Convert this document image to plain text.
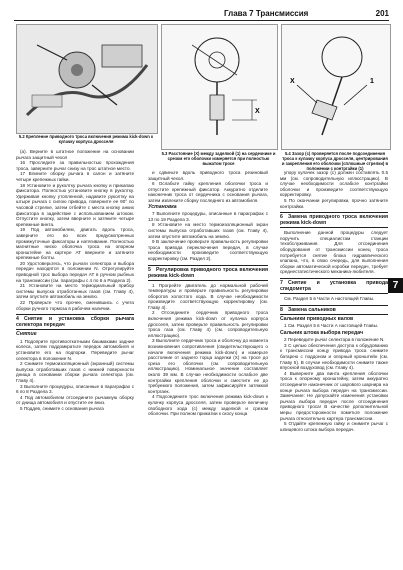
Глава 7 Трансмиссия	201
5.2 Крепление приводного троса включения режима kick-down к кулачку корпуса дросселя
X
5.3 Расстояние (X) между заделкой (1) на сердечнике и срезом его оболочки измеряется при полностью выжатом тросе
X	1
5.4 Зазор (c) проверяется после подсоединения троса к кулачку корпуса дросселя, центрирования и закрепления его оболочки (сплошные стрелки) в положении с контргайки (1)

(а). Верните в штатное положение на основании рычага защитный чехол

16 Проследите за правильностью прохождения троса, заверните рычаг снизу на трос штатное место.

17 Влините оборку рычага в салон и затяните четыре крепежных гайки.

18 Установите и руколтку рычага кнопку и прикапаю фиксатора. Полностью установите кнопку в руколтку. Удерживая кнопку утопленной, надавите руколтку на штыре рычага с силою привода, поверните ее 90° по часовой стрелке, затем отбейте с места кнопку анких фиксатора в задействие с использованием штоком. Отпустите кнопку, затем вверните и затяните четыре крепежные винта.

19 Под автомобилем, двигать вдоль троса, заверните его во всех предусмотренных промежуточные фиксаторы и натягивание. Полностью магнитные ниско оболочка троса на опорном кронштейне на картере АТ вверните и затяните крепежные болты.

20 Удостоверьтесь, что рычаги селектора и выбора передач находятся в положении N. Отрегулируйте приводной трос выбора передач АТ в ручном рыбных на трансмиссии (см. параграфы с 4 по 6 а Раздела 2).

21 Установите на место термодиальный прибор системы выпуска отработанных газов (см. Главу 4), затем опустите автомобиль на землю.

22 Проверьте что прочее, сменившись с учета сборки ручного тормоза в рабочем наличии.

4 Снятие и установка сборки рычага селектора передач
Снятие

1 Подоприте противооткатными башмаками задние колеса, затем поддомкратьте передок автомобиля и установите его на подпорки. Переведите рычаг селектора в положение N.

2 Снимите термоизоляционный (экранный) системы выпуска отработавших газов с нижней поверхности днища в основании сборки рычага селектора (см. Главу 4).

3 Выполните процедуры, описанные в параграфах с 6 по 8 Раздела 3.

4 Под автомобилем отсоедините рычажную оборку от днища автомобиля и опустите ее вниз.

5 Поддев, снимите с основания рычага

и сдвиньте вдоль приводного троса резиновый защитный чехол.

6 Ослабьте гайку крепления оболочки троса и отпустите крепежный фиксатор. Аккуратно отделите наконечник троса от сердечника с основания рычага, затем извлеките сборку последнего из автомобиля.

Установка

7 Выполните процедуры, описанные в параграфах с 13 по 19 Раздела 3.

8 Установите на место термоизоляционный экран системы выпуска отработавших газов (см. Главу 4), затем опустите автомобиль на землю.

9 В заключение проверьте правильность регулировки троса привода переключения передач, в случае необходимости произведите соответствующую корректировку (см. Раздел 2).

5 Регулировка приводного троса включения режима kick-down

1 Прогрейте двигатель до нормальной рабочей температуры и проверьте правильность регулировки оборотов холостого хода. В случае необходимости произведите соответствующую корректировку (см. Главу 4).

2 Отсоедините сердечник приводного троса включения режима kick-down от кулачка корпуса дросселя, затем проверьте правильность регулировки троса газа (см. Главу 4) (см. сопроводительную иллюстрацию).

3 Выполните сердечник троса и оболочку до момента возникновения сопротивления (свидетельствующего о начале включения режима kick-down) и измерьте расстояние от заднего торца заделки (X) на тросе до среза его оболочки (см. сопроводительную иллюстрацию). Номинальное значение составляет около 39 мм. В случае необходимости ослабьте две контргайки крепления оболочки и сместите ее до требуемого положения, затем зафиксируйте затяжкой контргаек.

4 Подсоедините трос включения режима kick-down к кулачку корпуса дросселя, затем проверьте величину свободного хода (c) между заделкой и срезом оболочки. При полном прижатии к скосу конца

упору кулачек зазор (c) должен составлять 0.5 мм (см. сопроводительную иллюстрацию). В случае необходимости ослабьте контргайки оболочки и произведите соответствующую корректировку.

5 По окончании регулировки, прочно затяните контргайки.

6 Замена приводного троса включения режима kick-down

Выполнение данной процедуры следует поручить специалистам станции техобслуживания. Для отсоединения оборудования от трансмиссии конец троса потребуется снятие блока гидравлического клапана, что, в свою очередь, для выполнения сборки автоматической коробки передач, требует среднестатистического механика-любителя.

7 Снятие и установка привода спидометра

См. Раздел 5 в Части А настоящей Главы.

8 Замена сальников
Сальники приводных валов

1 См. Раздел 5 в Части А настоящей Главы.

Сальник штока выбора передач

2 Переведите рычаг селектора в положение N.

3 С целью обеспечения доступа к обрудованию к трансмиссии концу привода троса снимите батарею с поддоном и опорный кронштейн (см. Главу 5). В случае необходимости снимите также впускной воздуховод (см. Главу 4).

4 Выверните два винта крепления оболочки троса к опорному кронштейну, затем аккуратно отсоедините наконечник от шарового шарнира на конце рычага выбора передач на трансмиссии. Замечание: Не допускайте изменения установки рычага выбора передач после отсоединения приводного троса! В качестве дополнительной меры предосторожности пометьте положение рычага относительно картера трансмиссии.

5 Отдайте крепежную гайку и снимите рычаг с шпицевого штока выбора передач.

7
